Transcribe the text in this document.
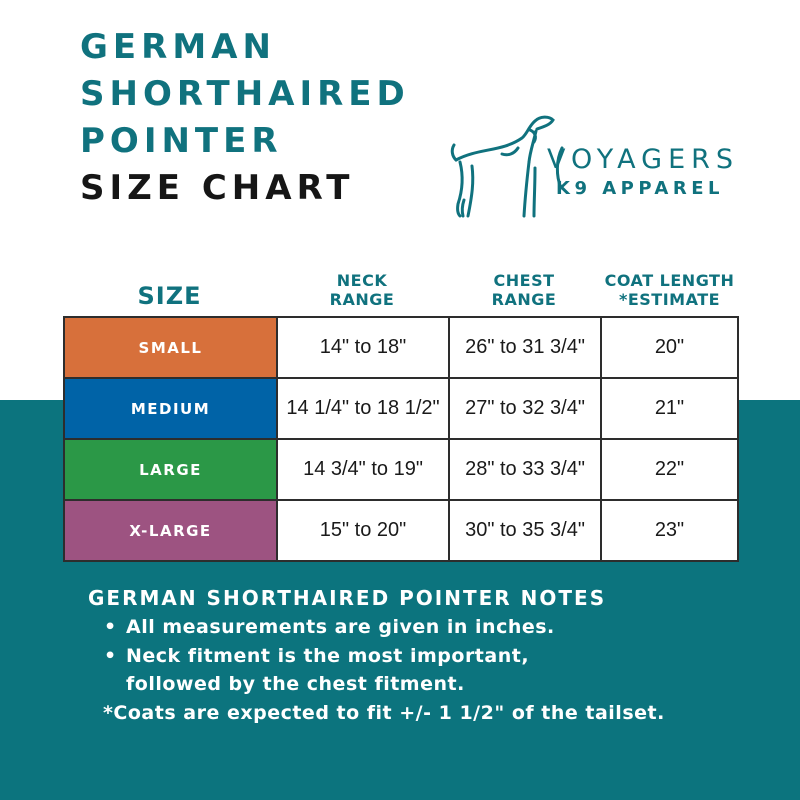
GERMAN
SHORTHAIRED
POINTER
SIZE CHART
VOYAGERS
K9 APPAREL
SIZE
NECK
RANGE
CHEST
RANGE
COAT LENGTH
*ESTIMATE
SMALL	14" to 18"	26" to 31 3/4"	20"
MEDIUM	14 1/4" to 18 1/2"	27" to 32 3/4"	21"
LARGE	14 3/4" to 19"	28" to 33 3/4"	22"
X-LARGE	15" to 20"	30" to 35 3/4"	23"
GERMAN SHORTHAIRED POINTER NOTES
• All measurements are given in inches.
• Neck fitment is the most important,
followed by the chest fitment.
*Coats are expected to fit +/- 1 1/2" of the tailset.
